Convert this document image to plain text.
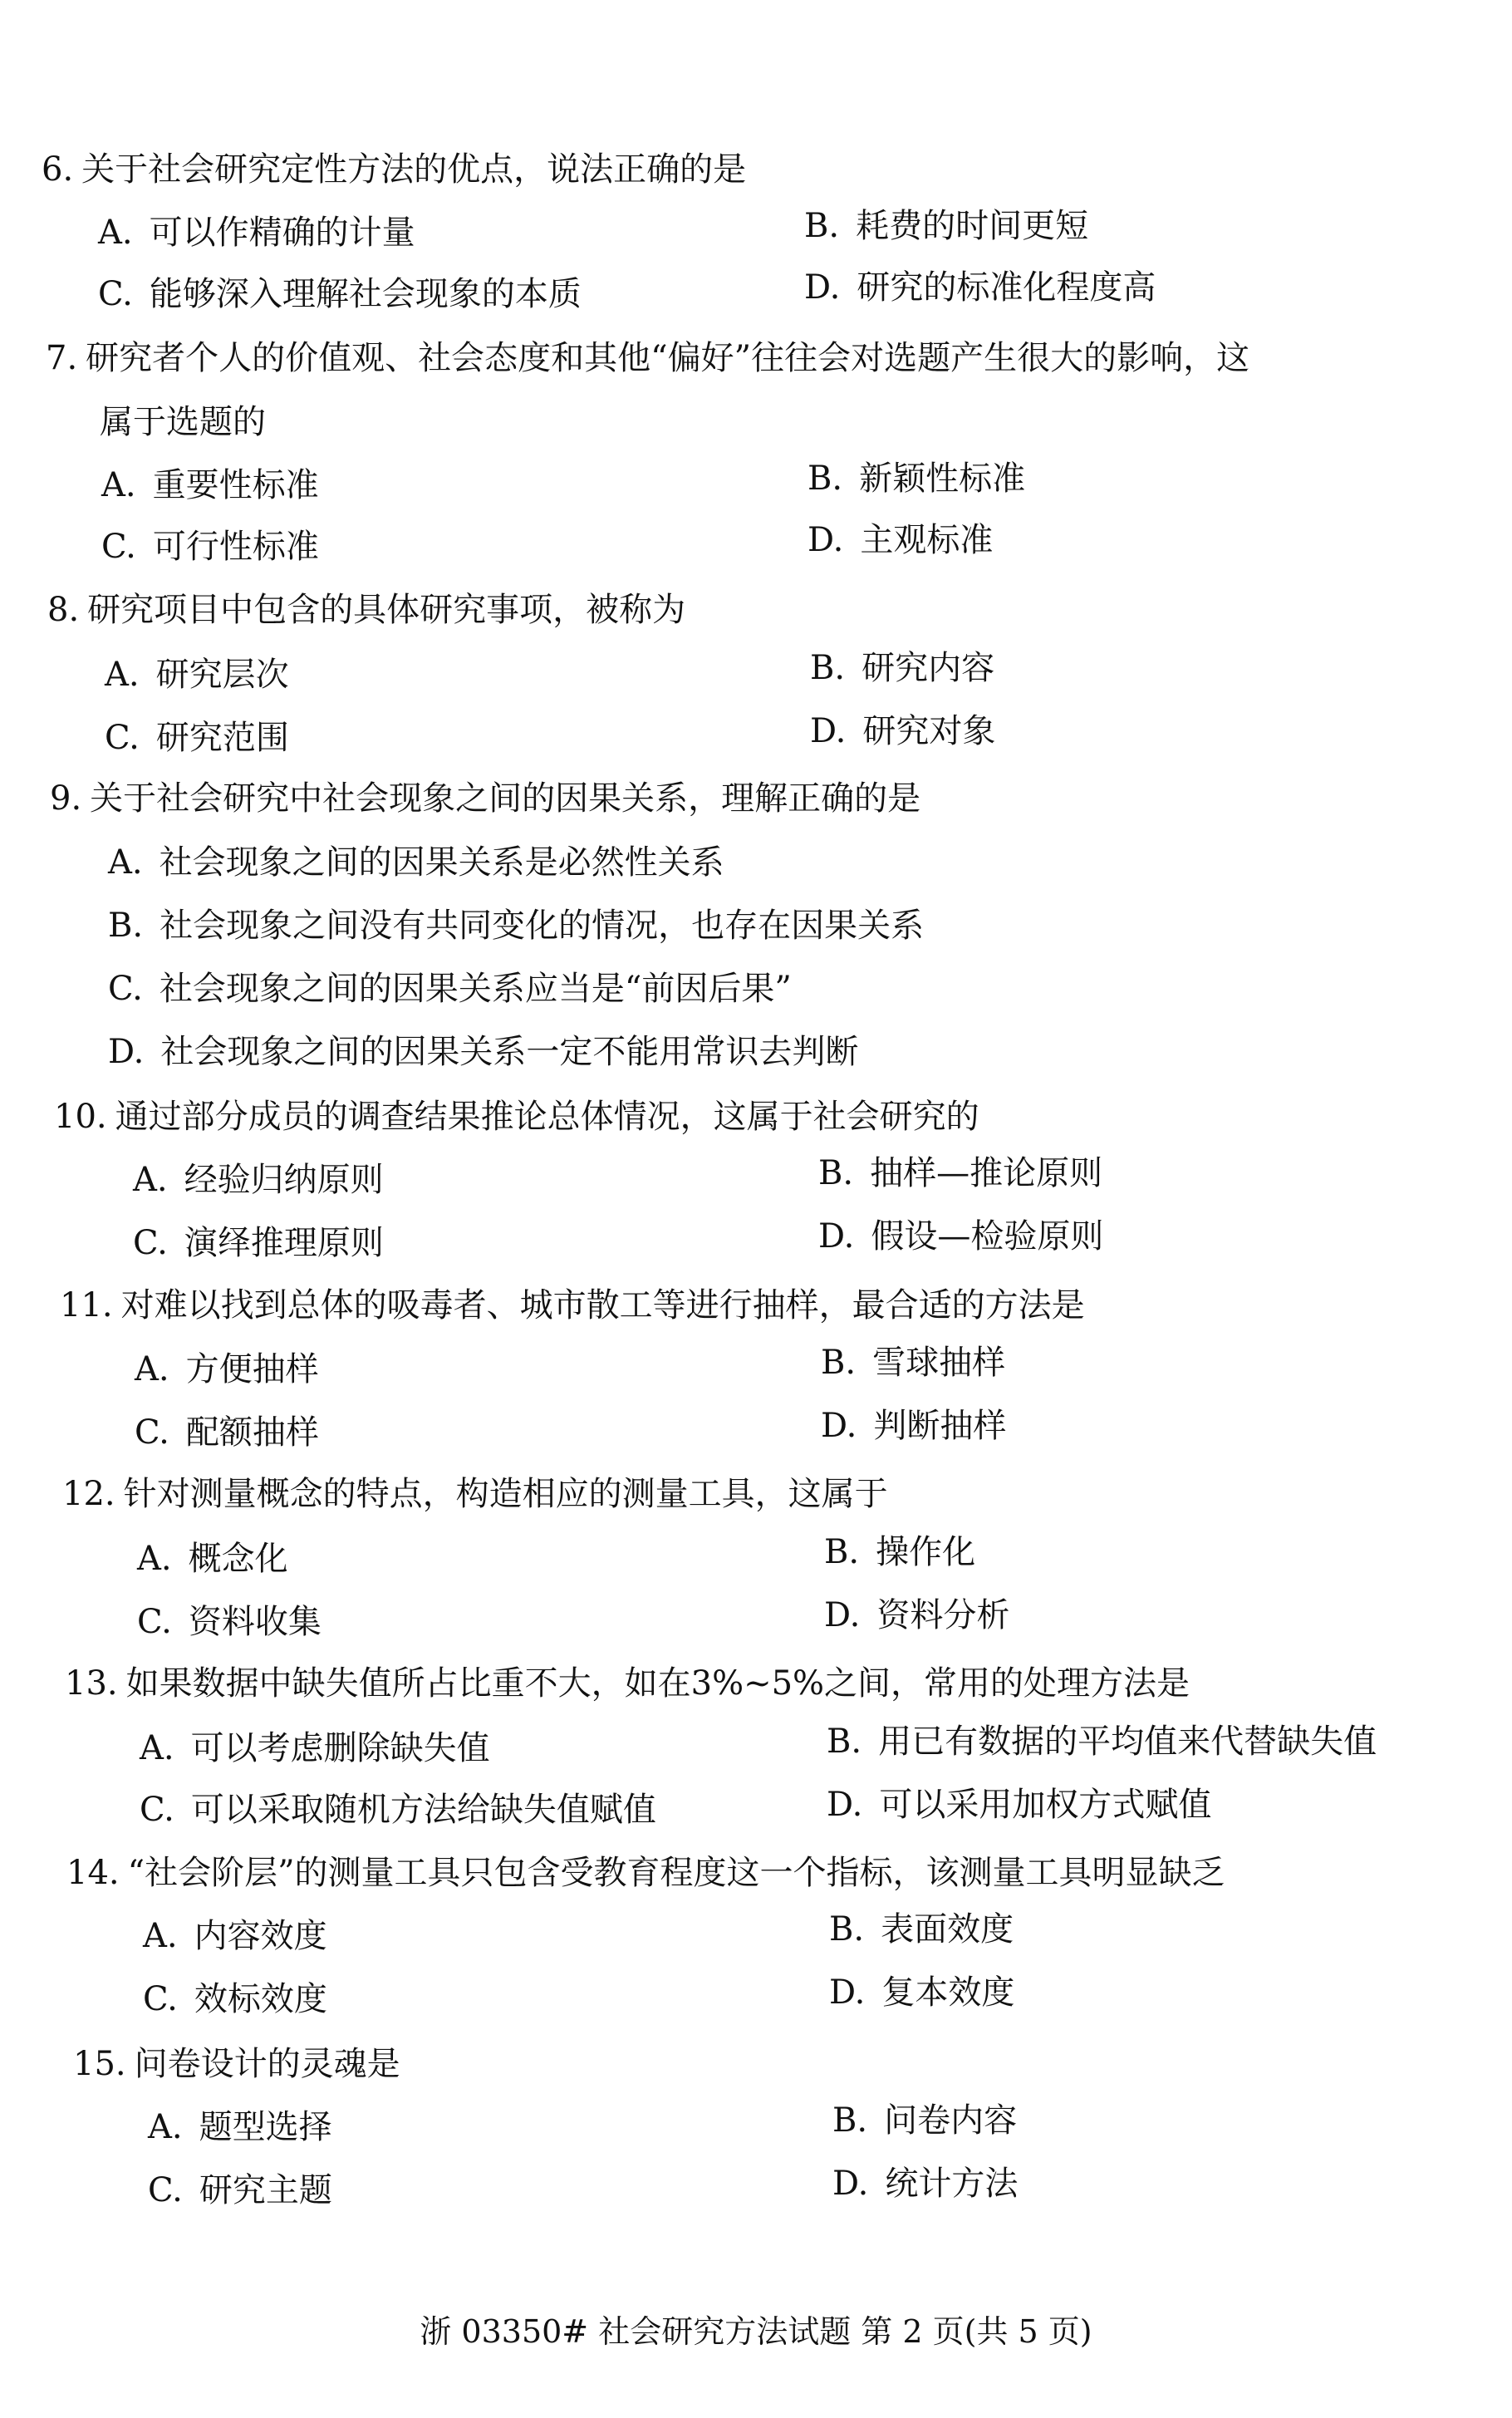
6. 关于社会研究定性方法的优点，说法正确的是
A. 可以作精确的计量	B. 耗费的时间更短
C. 能够深入理解社会现象的本质	D. 研究的标准化程度高
7. 研究者个人的价值观、社会态度和其他“偏好”往往会对选题产生很大的影响，这
属于选题的
A. 重要性标准	B. 新颖性标准
C. 可行性标准	D. 主观标准
8. 研究项目中包含的具体研究事项，被称为
A. 研究层次	B. 研究内容
C. 研究范围	D. 研究对象
9. 关于社会研究中社会现象之间的因果关系，理解正确的是
A. 社会现象之间的因果关系是必然性关系
B. 社会现象之间没有共同变化的情况，也存在因果关系
C. 社会现象之间的因果关系应当是“前因后果”
D. 社会现象之间的因果关系一定不能用常识去判断
10. 通过部分成员的调查结果推论总体情况，这属于社会研究的
A. 经验归纳原则	B. 抽样—推论原则
C. 演绎推理原则	D. 假设—检验原则
11. 对难以找到总体的吸毒者、城市散工等进行抽样，最合适的方法是
A. 方便抽样	B. 雪球抽样
C. 配额抽样	D. 判断抽样
12. 针对测量概念的特点，构造相应的测量工具，这属于
A. 概念化	B. 操作化
C. 资料收集	D. 资料分析
13. 如果数据中缺失值所占比重不大，如在3%~5%之间，常用的处理方法是
A. 可以考虑删除缺失值	B. 用已有数据的平均值来代替缺失值
C. 可以采取随机方法给缺失值赋值	D. 可以采用加权方式赋值
14. “社会阶层”的测量工具只包含受教育程度这一个指标，该测量工具明显缺乏
A. 内容效度	B. 表面效度
C. 效标效度	D. 复本效度
15. 问卷设计的灵魂是
A. 题型选择	B. 问卷内容
C. 研究主题	D. 统计方法
浙 03350# 社会研究方法试题 第 2 页(共 5 页)
